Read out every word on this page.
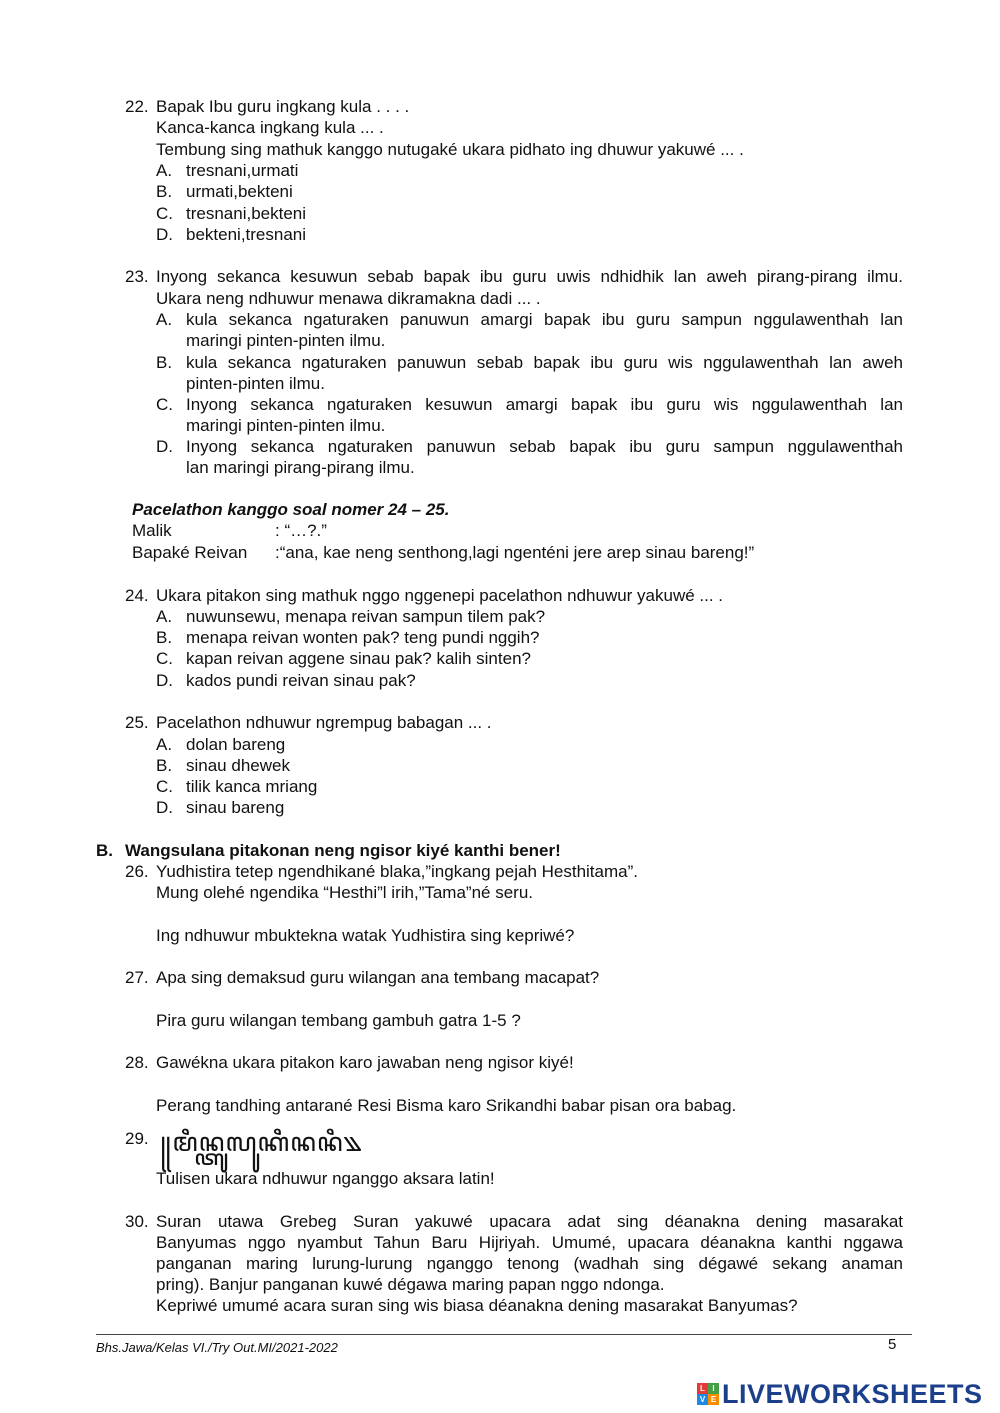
22. Bapak Ibu guru ingkang kula . . . .
Kanca-kanca ingkang kula ... .
Tembung sing mathuk kanggo nutugaké ukara pidhato ing dhuwur yakuwé ... .
A. tresnani,urmati
B. urmati,bekteni
C. tresnani,bekteni
D. bekteni,tresnani
23. Inyong sekanca kesuwun sebab bapak ibu guru uwis ndhidhik lan aweh pirang-pirang ilmu.
Ukara neng ndhuwur menawa dikramakna dadi ... .
A. kula sekanca ngaturaken panuwun amargi bapak ibu guru sampun nggulawenthah lan
maringi pinten-pinten ilmu.
B. kula sekanca ngaturaken panuwun sebab bapak ibu guru wis nggulawenthah lan aweh
pinten-pinten ilmu.
C. Inyong sekanca ngaturaken kesuwun amargi bapak ibu guru wis nggulawenthah lan
maringi pinten-pinten ilmu.
D. Inyong sekanca ngaturaken panuwun sebab bapak ibu guru sampun nggulawenthah
lan maringi pirang-pirang ilmu.
Pacelathon kanggo soal nomer 24 – 25.
Malik	: “…?.”
Bapaké Reivan :“ana, kae neng senthong,lagi ngenténi jere arep sinau bareng!”
24. Ukara pitakon sing mathuk nggo nggenepi pacelathon ndhuwur yakuwé ... .
A. nuwunsewu, menapa reivan sampun tilem pak?
B. menapa reivan wonten pak? teng pundi nggih?
C. kapan reivan aggene sinau pak? kalih sinten?
D. kados pundi reivan sinau pak?
25. Pacelathon ndhuwur ngrempug babagan ... .
A. dolan bareng
B. sinau dhewek
C. tilik kanca mriang
D. sinau bareng
B. Wangsulana pitakonan neng ngisor kiyé kanthi bener!
26. Yudhistira tetep ngendhikané blaka,”ingkang pejah Hesthitama”.
Mung olehé ngendika “Hesthi”l irih,”Tama”né seru.
Ing ndhuwur mbuktekna watak Yudhistira sing kepriwé?
27. Apa sing demaksud guru wilangan ana tembang macapat?
Pira guru wilangan tembang gambuh gatra 1-5 ?
28. Gawékna ukara pitakon karo jawaban neng ngisor kiyé!
Perang tandhing antarané Resi Bisma karo Srikandhi babar pisan ora babag.
29. ꧋ꦩꦶꦤ꧀ꦠꦸꦭꦸꦏꦶꦤꦤꦶ꧉
Tulisen ukara ndhuwur nganggo aksara latin!
30. Suran utawa Grebeg Suran yakuwé upacara adat sing déanakna dening masarakat
Banyumas nggo nyambut Tahun Baru Hijriyah. Umumé, upacara déanakna kanthi nggawa
panganan maring lurung-lurung nganggo tenong (wadhah sing dégawé sekang anaman
pring). Banjur panganan kuwé dégawa maring papan nggo ndonga.
Kepriwé umumé acara suran sing wis biasa déanakna dening masarakat Banyumas?
Bhs.Jawa/Kelas VI./Try Out.MI/2021-2022	5
L I
V E LIVEWORKSHEETS
